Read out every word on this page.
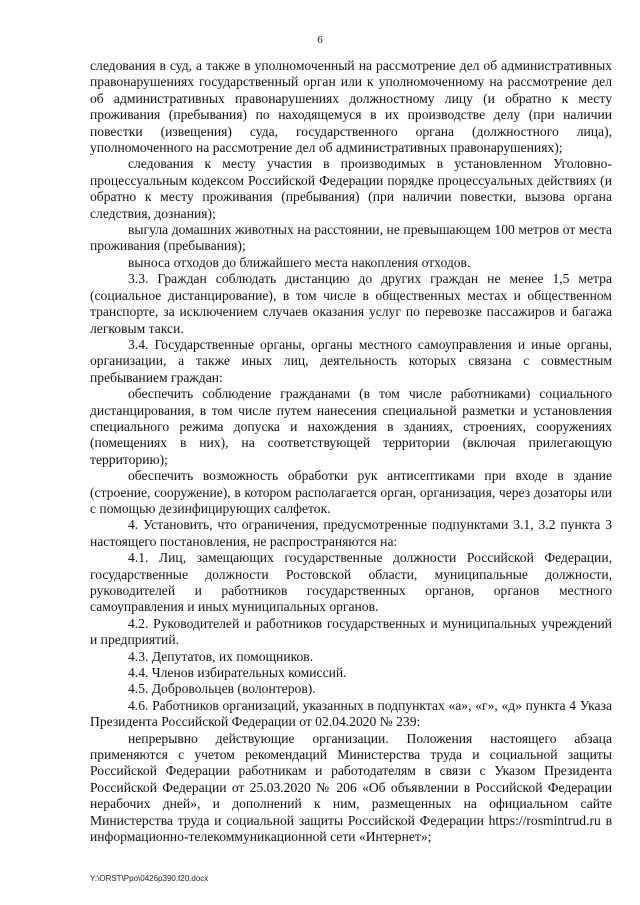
6

следования в суд, а также в уполномоченный на рассмотрение дел об административных правонарушениях государственный орган или к уполномоченному на рассмотрение дел об административных правонарушениях должностному лицу (и обратно к месту проживания (пребывания) по находящемуся в их производстве делу (при наличии повестки (извещения) суда, государственного органа (должностного лица), уполномоченного на рассмотрение дел об административных правонарушениях);

следования к месту участия в производимых в установленном Уголовно-процессуальным кодексом Российской Федерации порядке процессуальных действиях (и обратно к месту проживания (пребывания) (при наличии повестки, вызова органа следствия, дознания);

выгула домашних животных на расстоянии, не превышающем 100 метров от места проживания (пребывания);

выноса отходов до ближайшего места накопления отходов.

3.3. Граждан соблюдать дистанцию до других граждан не менее 1,5 метра (социальное дистанцирование), в том числе в общественных местах и общественном транспорте, за исключением случаев оказания услуг по перевозке пассажиров и багажа легковым такси.

3.4. Государственные органы, органы местного самоуправления и иные органы, организации, а также иных лиц, деятельность которых связана с совместным пребыванием граждан:

обеспечить соблюдение гражданами (в том числе работниками) социального дистанцирования, в том числе путем нанесения специальной разметки и установления специального режима допуска и нахождения в зданиях, строениях, сооружениях (помещениях в них), на соответствующей территории (включая прилегающую территорию);

обеспечить возможность обработки рук антисептиками при входе в здание (строение, сооружение), в котором располагается орган, организация, через дозаторы или с помощью дезинфицирующих салфеток.

4. Установить, что ограничения, предусмотренные подпунктами 3.1, 3.2 пункта 3 настоящего постановления, не распространяются на:

4.1. Лиц, замещающих государственные должности Российской Федерации, государственные должности Ростовской области, муниципальные должности, руководителей и работников государственных органов, органов местного самоуправления и иных муниципальных органов.

4.2. Руководителей и работников государственных и муниципальных учреждений и предприятий.

4.3. Депутатов, их помощников.

4.4. Членов избирательных комиссий.

4.5. Добровольцев (волонтеров).

4.6. Работников организаций, указанных в подпунктах «а», «г», «д» пункта 4 Указа Президента Российской Федерации от 02.04.2020 № 239:

непрерывно действующие организации. Положения настоящего абзаца применяются с учетом рекомендаций Министерства труда и социальной защиты Российской Федерации работникам и работодателям в связи с Указом Президента Российской Федерации от 25.03.2020 № 206 «Об объявлении в Российской Федерации нерабочих дней», и дополнений к ним, размещенных на официальном сайте Министерства труда и социальной защиты Российской Федерации https://rosmintrud.ru в информационно-телекоммуникационной сети «Интернет»;

Y:\ORST\Ppo\0426p390.f20.docx
